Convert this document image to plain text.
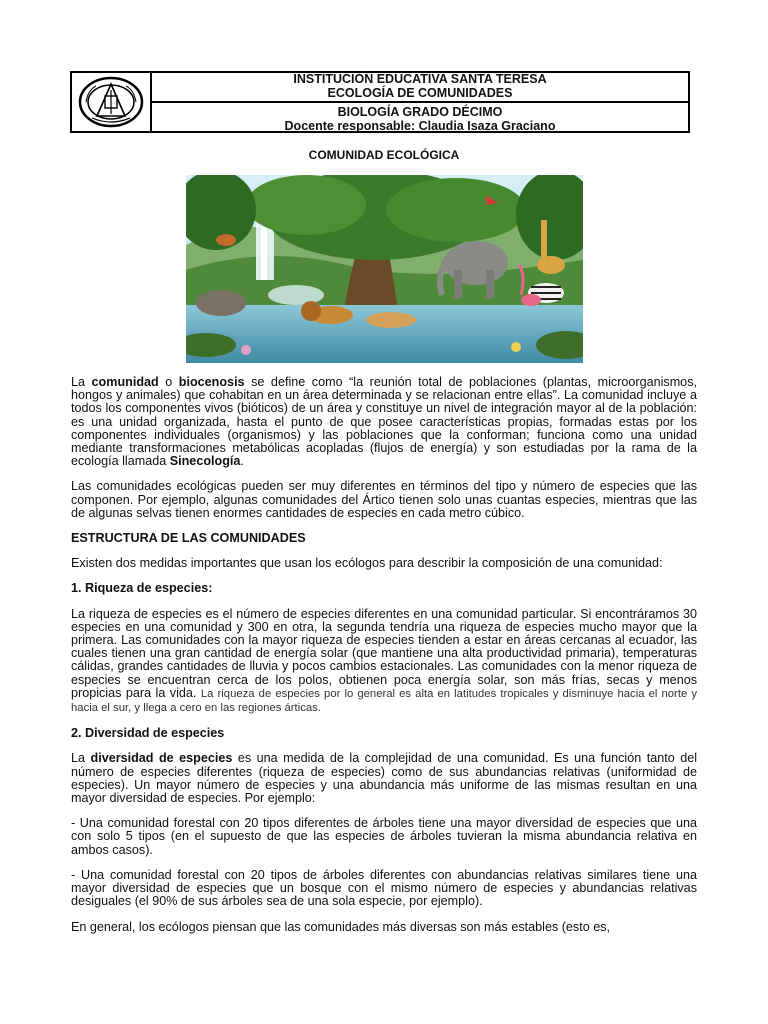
INSTITUCIÓN EDUCATIVA SANTA TERESA
ECOLOGÍA DE COMUNIDADES
BIOLOGÍA GRADO DÉCIMO
Docente responsable: Claudia Isaza Graciano
COMUNIDAD ECOLÓGICA

La comunidad o biocenosis se define como “la reunión total de poblaciones (plantas, microorganismos, hongos y animales) que cohabitan en un área determinada y se relacionan entre ellas”. La comunidad incluye a todos los componentes vivos (bióticos) de un área y constituye un nivel de integración mayor al de la población: es una unidad organizada, hasta el punto de que posee características propias, formadas estas por los componentes individuales (organismos) y las poblaciones que la conforman; funciona como una unidad mediante transformaciones metabólicas acopladas (flujos de energía) y son estudiadas por la rama de la ecología llamada Sinecología.

Las comunidades ecológicas pueden ser muy diferentes en términos del tipo y número de especies que las componen. Por ejemplo, algunas comunidades del Ártico tienen solo unas cuantas especies, mientras que las de algunas selvas tienen enormes cantidades de especies en cada metro cúbico.

ESTRUCTURA DE LAS COMUNIDADES

Existen dos medidas importantes que usan los ecólogos para describir la composición de una comunidad:

1. Riqueza de especies:

La riqueza de especies es el número de especies diferentes en una comunidad particular. Si encontráramos 30 especies en una comunidad y 300 en otra, la segunda tendría una riqueza de especies mucho mayor que la primera. Las comunidades con la mayor riqueza de especies tienden a estar en áreas cercanas al ecuador, las cuales tienen una gran cantidad de energía solar (que mantiene una alta productividad primaria), temperaturas cálidas, grandes cantidades de lluvia y pocos cambios estacionales. Las comunidades con la menor riqueza de especies se encuentran cerca de los polos, obtienen poca energía solar, son más frías, secas y menos propicias para la vida. La riqueza de especies por lo general es alta en latitudes tropicales y disminuye hacia el norte y hacia el sur, y llega a cero en las regiones árticas.

2. Diversidad de especies

La diversidad de especies es una medida de la complejidad de una comunidad. Es una función tanto del número de especies diferentes (riqueza de especies) como de sus abundancias relativas (uniformidad de especies). Un mayor número de especies y una abundancia más uniforme de las mismas resultan en una mayor diversidad de especies. Por ejemplo:

- Una comunidad forestal con 20 tipos diferentes de árboles tiene una mayor diversidad de especies que una con solo 5 tipos (en el supuesto de que las especies de árboles tuvieran la misma abundancia relativa en ambos casos).

- Una comunidad forestal con 20 tipos de árboles diferentes con abundancias relativas similares tiene una mayor diversidad de especies que un bosque con el mismo número de especies y abundancias relativas desiguales (el 90% de sus árboles sea de una sola especie, por ejemplo).

En general, los ecólogos piensan que las comunidades más diversas son más estables (esto es,
